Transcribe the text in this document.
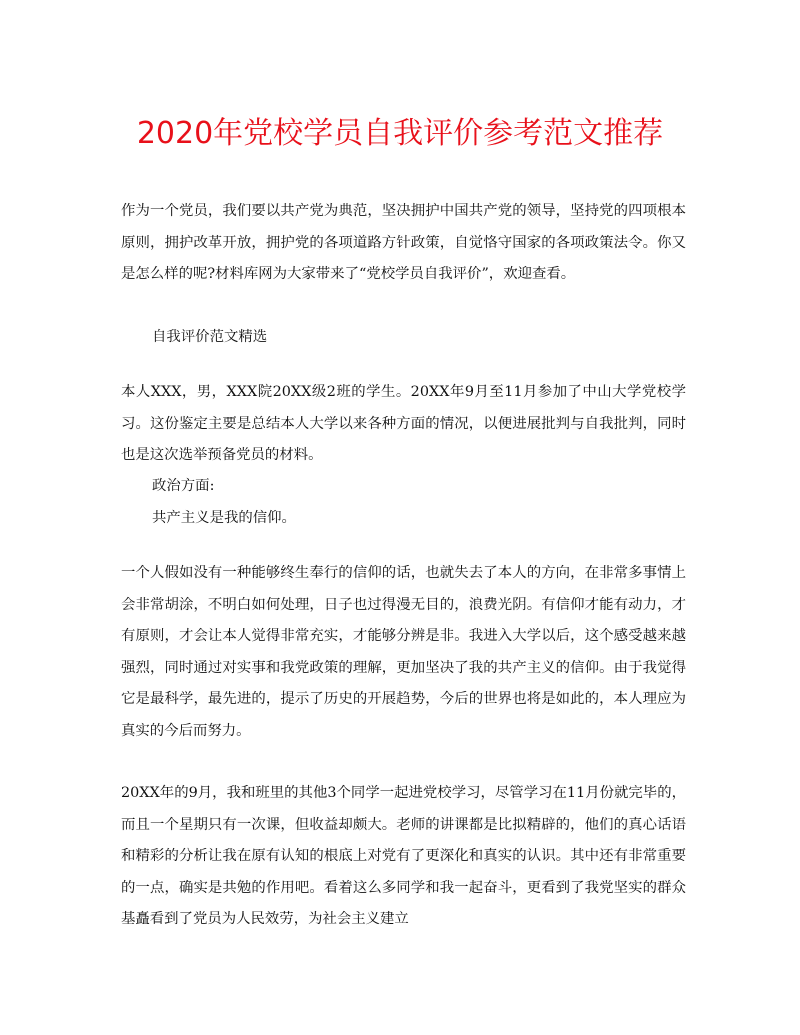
2020年党校学员自我评价参考范文推荐

作为一个党员，我们要以共产党为典范，坚决拥护中国共产党的领导，坚持党的四项根本原则，拥护改革开放，拥护党的各项道路方针政策，自觉恪守国家的各项政策法令。你又是怎么样的呢?材料库网为大家带来了“党校学员自我评价”，欢迎查看。

自我评价范文精选

本人XXX，男，XXX院20XX级2班的学生。20XX年9月至11月参加了中山大学党校学习。这份鉴定主要是总结本人大学以来各种方面的情况，以便进展批判与自我批判，同时也是这次选举预备党员的材料。

政治方面:

共产主义是我的信仰。

一个人假如没有一种能够终生奉行的信仰的话，也就失去了本人的方向，在非常多事情上会非常胡涂，不明白如何处理，日子也过得漫无目的，浪费光阴。有信仰才能有动力，才有原则，才会让本人觉得非常充实，才能够分辨是非。我进入大学以后，这个感受越来越强烈，同时通过对实事和我党政策的理解，更加坚决了我的共产主义的信仰。由于我觉得它是最科学，最先进的，提示了历史的开展趋势，今后的世界也将是如此的，本人理应为真实的今后而努力。

20XX年的9月，我和班里的其他3个同学一起进党校学习，尽管学习在11月份就完毕的，而且一个星期只有一次课，但收益却颇大。老师的讲课都是比拟精辟的，他们的真心话语和精彩的分析让我在原有认知的根底上对党有了更深化和真实的认识。其中还有非常重要的一点，确实是共勉的作用吧。看着这么多同学和我一起奋斗，更看到了我党坚实的群众基矗看到了党员为人民效劳，为社会主义建立
